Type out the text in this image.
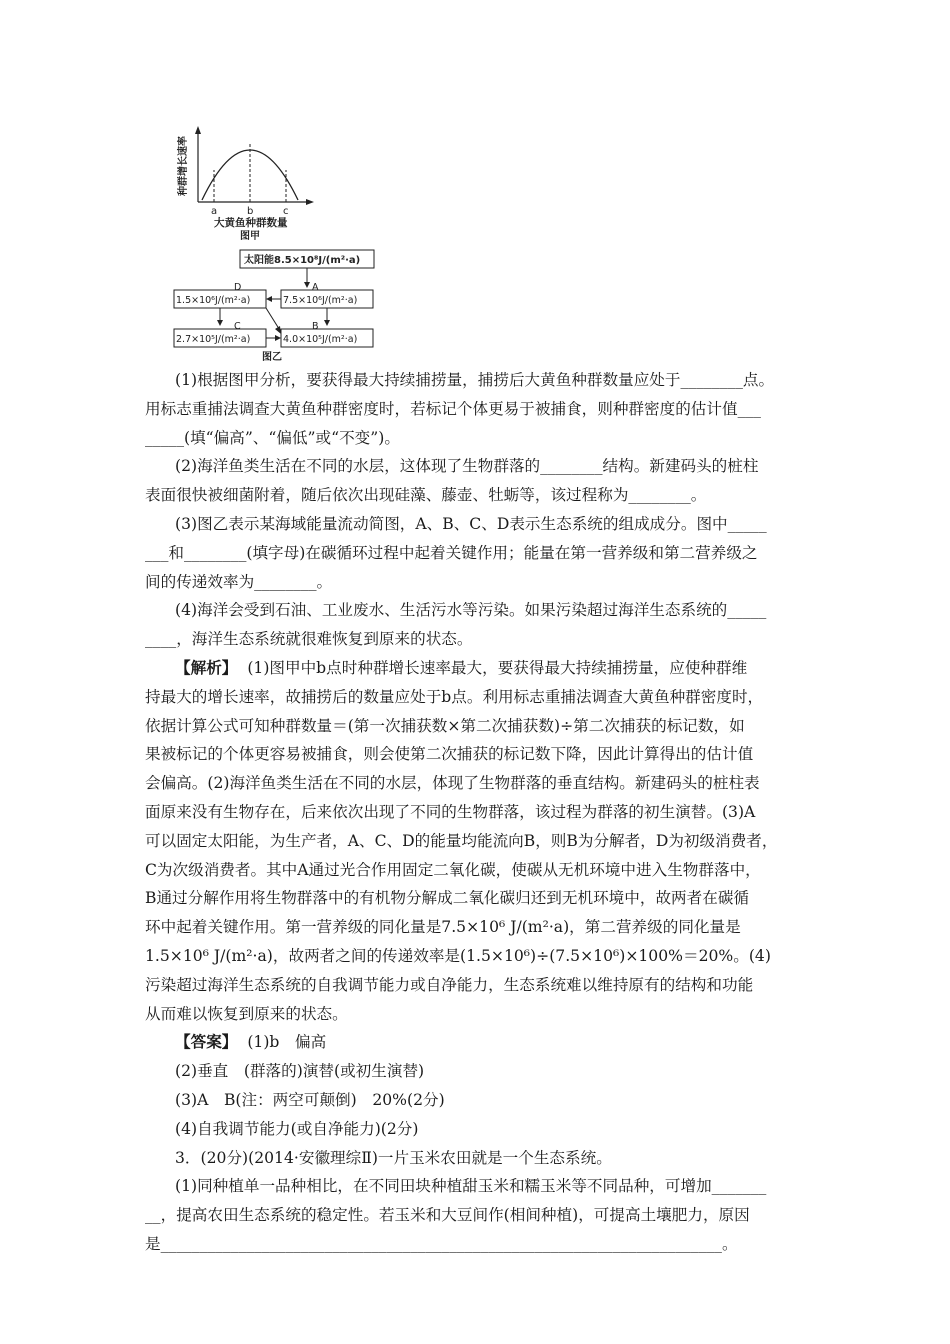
种群增长速率
a	b	c
大黄鱼种群数量
图甲
太阳能8.5×10⁸J/(m²·a)
A
7.5×10⁶J/(m²·a)
D
1.5×10⁶J/(m²·a)
C
2.7×10⁵J/(m²·a)
B
4.0×10⁵J/(m²·a)
图乙
(1)根据图甲分析，要获得最大持续捕捞量，捕捞后大黄鱼种群数量应处于________点。
用标志重捕法调查大黄鱼种群密度时，若标记个体更易于被捕食，则种群密度的估计值___
_____(填“偏高”、“偏低”或“不变”)。
(2)海洋鱼类生活在不同的水层，这体现了生物群落的________结构。新建码头的桩柱
表面很快被细菌附着，随后依次出现硅藻、藤壶、牡蛎等，该过程称为________。
(3)图乙表示某海域能量流动简图，A、B、C、D表示生态系统的组成成分。图中_____
___和________(填字母)在碳循环过程中起着关键作用；能量在第一营养级和第二营养级之
间的传递效率为________。
(4)海洋会受到石油、工业废水、生活污水等污染。如果污染超过海洋生态系统的_____
____，海洋生态系统就很难恢复到原来的状态。
【解析】 (1)图甲中b点时种群增长速率最大，要获得最大持续捕捞量，应使种群维
持最大的增长速率，故捕捞后的数量应处于b点。利用标志重捕法调查大黄鱼种群密度时，
依据计算公式可知种群数量＝(第一次捕获数×第二次捕获数)÷第二次捕获的标记数，如
果被标记的个体更容易被捕食，则会使第二次捕获的标记数下降，因此计算得出的估计值
会偏高。(2)海洋鱼类生活在不同的水层，体现了生物群落的垂直结构。新建码头的桩柱表
面原来没有生物存在，后来依次出现了不同的生物群落，该过程为群落的初生演替。(3)A
可以固定太阳能，为生产者，A、C、D的能量均能流向B，则B为分解者，D为初级消费者，
C为次级消费者。其中A通过光合作用固定二氧化碳，使碳从无机环境中进入生物群落中，
B通过分解作用将生物群落中的有机物分解成二氧化碳归还到无机环境中，故两者在碳循
环中起着关键作用。第一营养级的同化量是7.5×10⁶ J/(m²·a)，第二营养级的同化量是
1.5×10⁶ J/(m²·a)，故两者之间的传递效率是(1.5×10⁶)÷(7.5×10⁶)×100%＝20%。(4)
污染超过海洋生态系统的自我调节能力或自净能力，生态系统难以维持原有的结构和功能
从而难以恢复到原来的状态。
【答案】 (1)b　偏高
(2)垂直　(群落的)演替(或初生演替)
(3)A　B(注：两空可颠倒)　20%(2分)
(4)自我调节能力(或自净能力)(2分)
3．(20分)(2014·安徽理综Ⅱ)一片玉米农田就是一个生态系统。
(1)同种植单一品种相比，在不同田块种植甜玉米和糯玉米等不同品种，可增加_______
__，提高农田生态系统的稳定性。若玉米和大豆间作(相间种植)，可提高土壤肥力，原因
是________________________________________________________________________。
